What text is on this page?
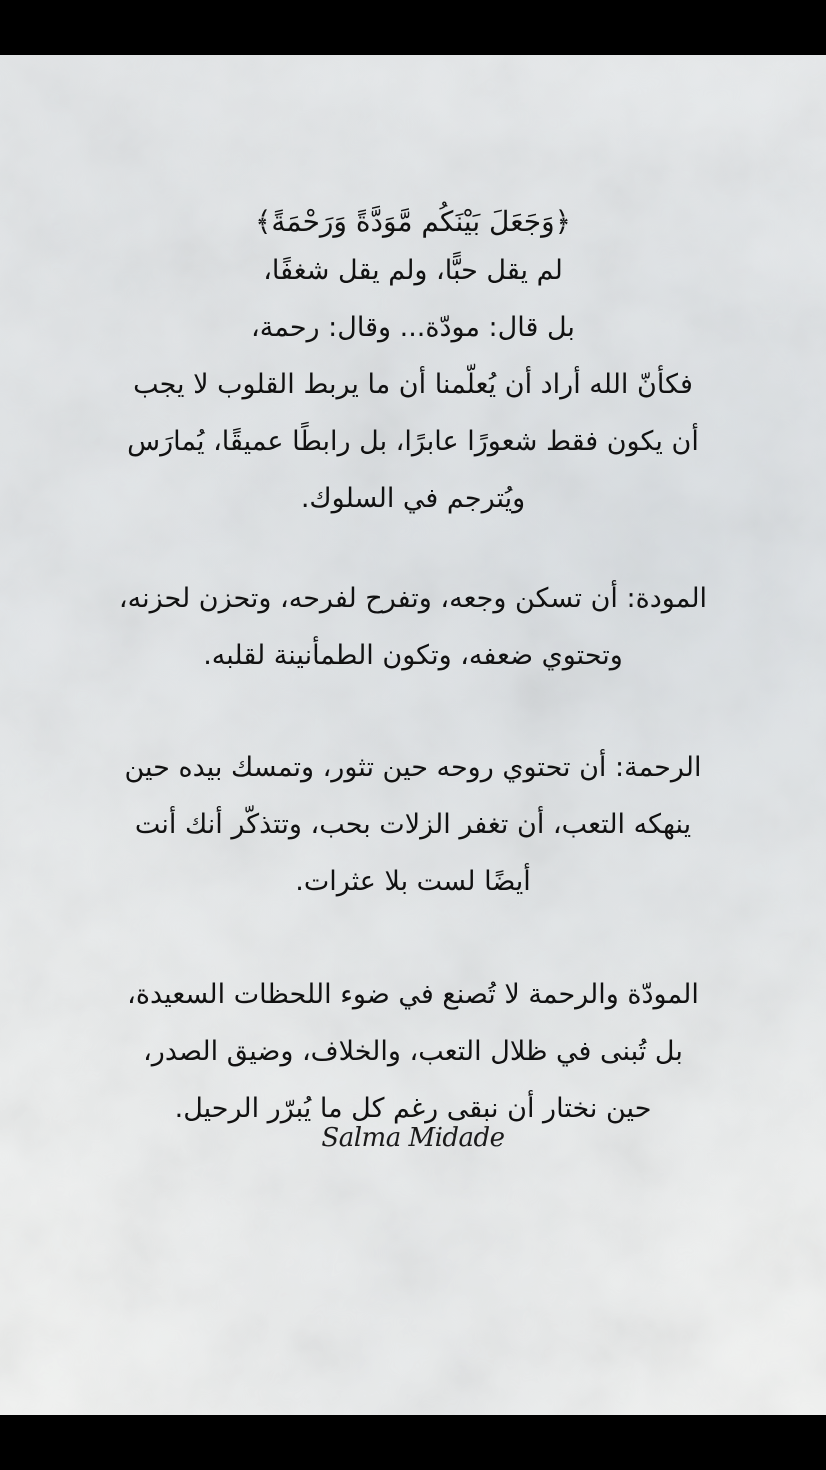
﴿وَجَعَلَ بَيْنَكُم مَّوَدَّةً وَرَحْمَةً﴾
لم يقل حبًّا، ولم يقل شغفًا،
بل قال: مودّة... وقال: رحمة،
فكأنّ الله أراد أن يُعلّمنا أن ما يربط القلوب لا يجب
أن يكون فقط شعورًا عابرًا، بل رابطًا عميقًا، يُمارَس
ويُترجم في السلوك.
المودة: أن تسكن وجعه، وتفرح لفرحه، وتحزن لحزنه،
وتحتوي ضعفه، وتكون الطمأنينة لقلبه.
الرحمة: أن تحتوي روحه حين تثور، وتمسك بيده حين
ينهكه التعب، أن تغفر الزلات بحب، وتتذكّر أنك أنت
أيضًا لست بلا عثرات.
المودّة والرحمة لا تُصنع في ضوء اللحظات السعيدة،
بل تُبنى في ظلال التعب، والخلاف، وضيق الصدر،
حين نختار أن نبقى رغم كل ما يُبرّر الرحيل.
Salma Midade
